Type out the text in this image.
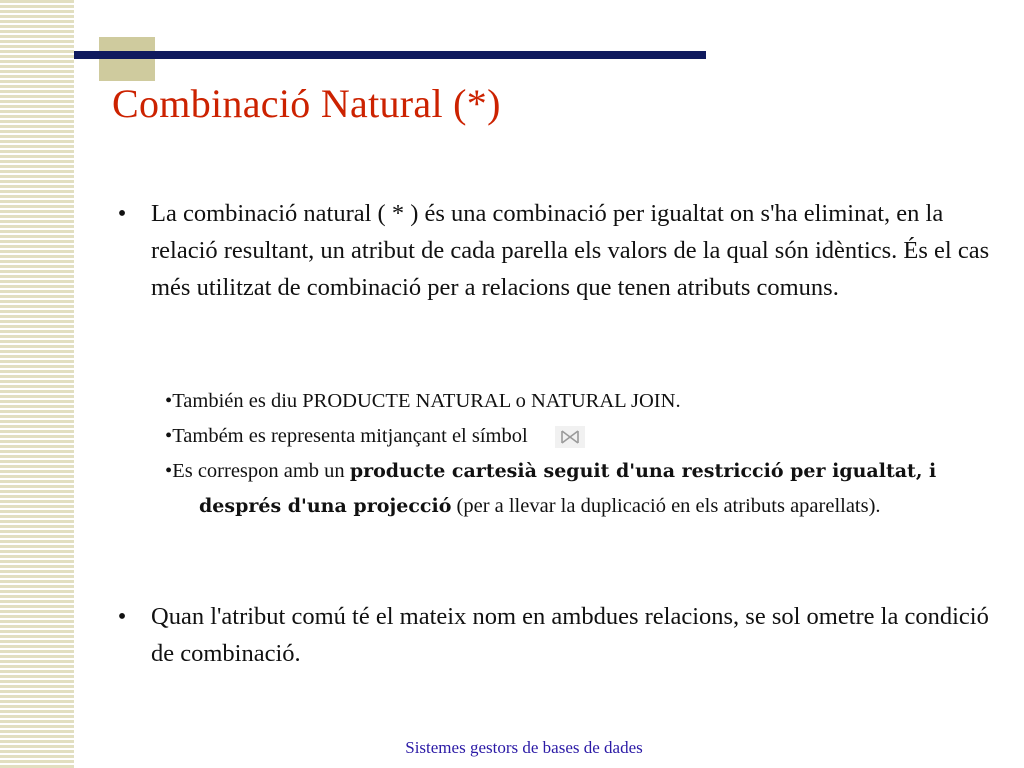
Combinació Natural (*)
• La combinació natural ( * ) és una combinació per igualtat on s'ha eliminat, en la relació resultant, un atribut de cada parella els valors de la qual són idèntics. És el cas més utilitzat de combinació per a relacions que tenen atributs comuns.
•También es diu PRODUCTE NATURAL o NATURAL JOIN.
•Também es representa mitjançant el símbol
•Es correspon amb un producte cartesià seguit d'una restricció per igualtat, i després d'una projecció (per a llevar la duplicació en els atributs aparellats).
• Quan l'atribut comú té el mateix nom en ambdues relacions, se sol ometre la condició de combinació.
Sistemes gestors de bases de dades
